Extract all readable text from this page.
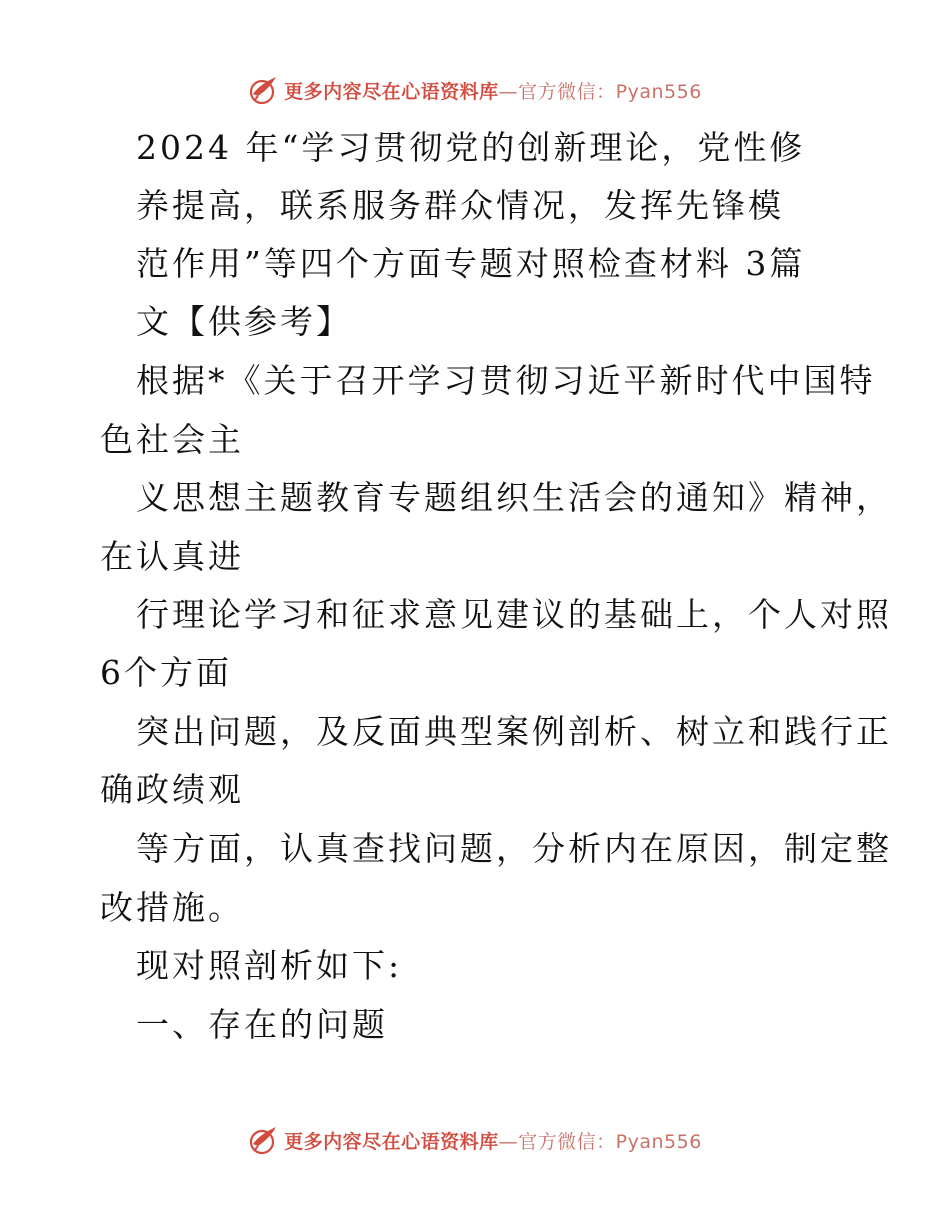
更多内容尽在心语资料库—官方微信：Pyan556
2024 年“学习贯彻党的创新理论，党性修
养提高，联系服务群众情况，发挥先锋模
范作用”等四个方面专题对照检查材料 3篇
文【供参考】
根据*《关于召开学习贯彻习近平新时代中国特
色社会主
义思想主题教育专题组织生活会的通知》精神，
在认真进
行理论学习和征求意见建议的基础上，个人对照
6个方面
突出问题，及反面典型案例剖析、树立和践行正
确政绩观
等方面，认真查找问题，分析内在原因，制定整
改措施。
现对照剖析如下:
一、存在的问题
更多内容尽在心语资料库—官方微信：Pyan556
